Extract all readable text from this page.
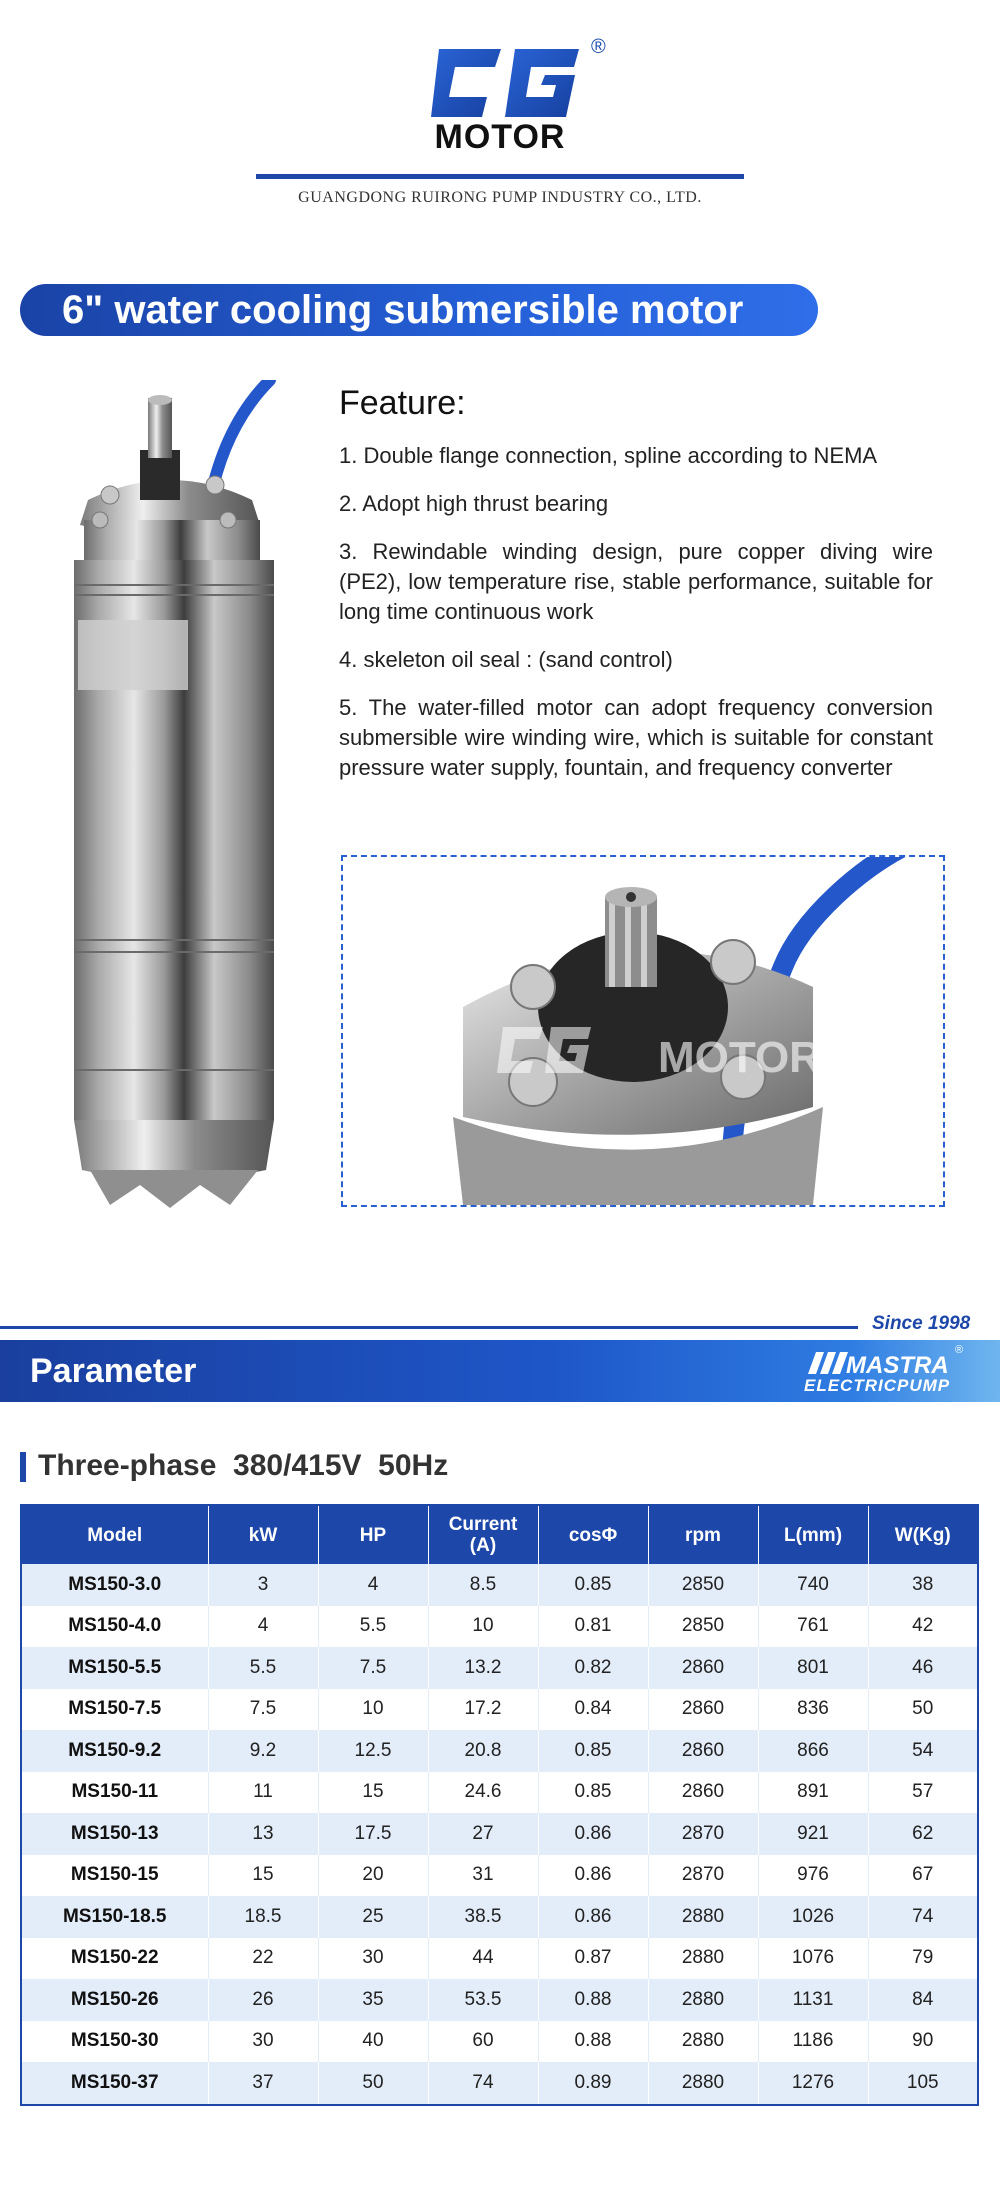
®
MOTOR
GUANGDONG RUIRONG PUMP INDUSTRY CO., LTD.
6" water cooling submersible motor
Feature:

1. Double flange connection, spline according to NEMA

2. Adopt high thrust bearing

3. Rewindable winding design, pure copper diving wire (PE2), low temperature rise, stable performance, suitable for long time continuous work

4. skeleton oil seal : (sand control)

5. The water-filled motor can adopt frequency conversion submersible wire winding wire, which is suitable for constant pressure water supply, fountain, and frequency converter

MOTOR
Since 1998
Parameter	MASTRA
®
ELECTRICPUMP
Three-phase  380/415V  50Hz
Model	kW	HP	Current (A)	cosΦ	rpm	L(mm)	W(Kg)
MS150-3.0	3	4	8.5	0.85	2850	740	38
MS150-4.0	4	5.5	10	0.81	2850	761	42
MS150-5.5	5.5	7.5	13.2	0.82	2860	801	46
MS150-7.5	7.5	10	17.2	0.84	2860	836	50
MS150-9.2	9.2	12.5	20.8	0.85	2860	866	54
MS150-11	11	15	24.6	0.85	2860	891	57
MS150-13	13	17.5	27	0.86	2870	921	62
MS150-15	15	20	31	0.86	2870	976	67
MS150-18.5	18.5	25	38.5	0.86	2880	1026	74
MS150-22	22	30	44	0.87	2880	1076	79
MS150-26	26	35	53.5	0.88	2880	1131	84
MS150-30	30	40	60	0.88	2880	1186	90
MS150-37	37	50	74	0.89	2880	1276	105
